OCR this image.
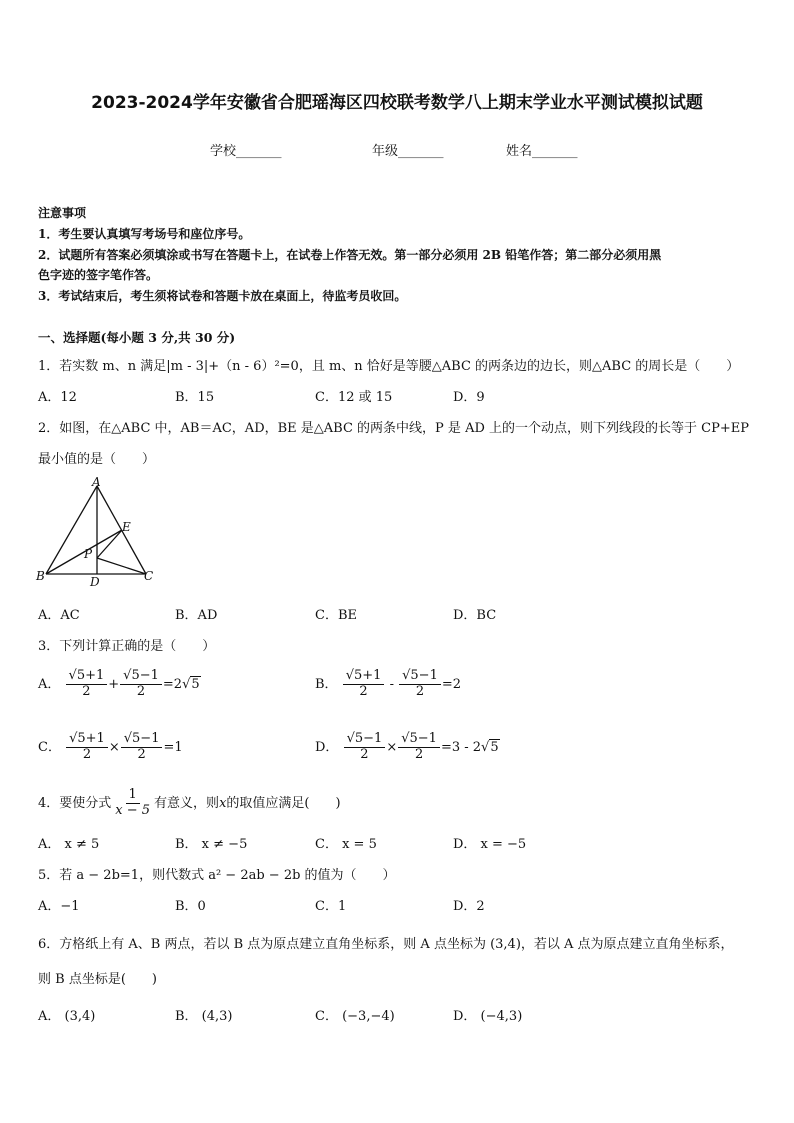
2023-2024学年安徽省合肥瑶海区四校联考数学八上期末学业水平测试模拟试题
学校_______	年级_______	姓名_______
注意事项
1．考生要认真填写考场号和座位序号。
2．试题所有答案必须填涂或书写在答题卡上，在试卷上作答无效。第一部分必须用 2B 铅笔作答；第二部分必须用黑
色字迹的签字笔作答。
3．考试结束后，考生须将试卷和答题卡放在桌面上，待监考员收回。
一、选择题(每小题 3 分,共 30 分)
1．若实数 m、n 满足|m - 3|+（n - 6）²=0，且 m、n 恰好是等腰△ABC 的两条边的边长，则△ABC 的周长是（　　）
A．12	B．15	C．12 或 15	D．9
2．如图，在△ABC 中，AB＝AC，AD，BE 是△ABC 的两条中线，P 是 AD 上的一个动点，则下列线段的长等于 CP+EP
最小值的是（　　）
A
B	C
D
E
P
A．AC	B．AD	C．BE	D．BC
3．下列计算正确的是（　　）
A． $\frac{√5+1}{2} + \frac{√5-1}{2} =2√5$	B． $\frac{√5+1}{2} - \frac{√5-1}{2} =2$
C． $\frac{√5+1}{2} \times \frac{√5-1}{2} =1$	D． $\frac{√5-1}{2} \times \frac{√5-1}{2} =3 - 2√5$
4．要使分式 $\frac{1}{x - 5}$ 有意义，则x的取值应满足(　　)
A． x ≠ 5	B． x ≠ −5	C． x = 5	D． x = −5
5．若 a − 2b=1，则代数式 a² − 2ab − 2b 的值为（　　）
A．−1	B．0	C．1	D．2
6．方格纸上有 A、B 两点，若以 B 点为原点建立直角坐标系，则 A 点坐标为 (3,4)，若以 A 点为原点建立直角坐标系，
则 B 点坐标是(　　)
A． (3,4)	B． (4,3)	C． (−3,−4)	D． (−4,3)
